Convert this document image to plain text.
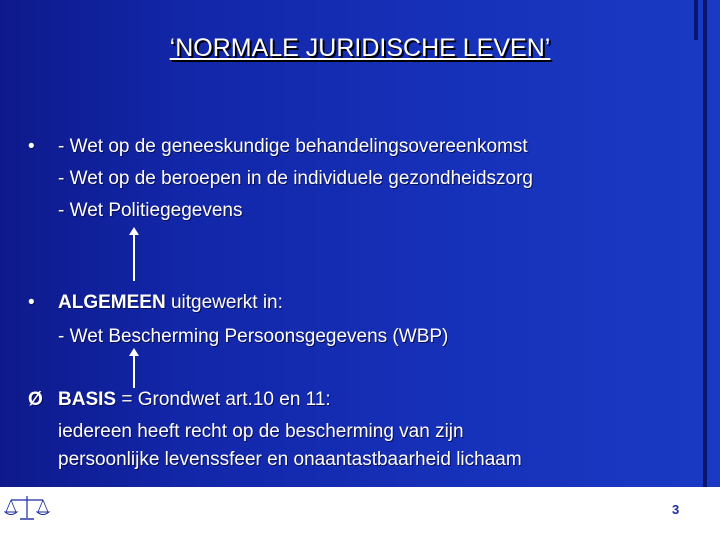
‘NORMALE JURIDISCHE LEVEN’
•	- Wet op de geneeskundige behandelingsovereenkomst
- Wet op de beroepen in de individuele gezondheidszorg
- Wet Politiegegevens
•	ALGEMEEN uitgewerkt in:
- Wet Bescherming Persoonsgegevens (WBP)
Ø BASIS = Grondwet art.10 en 11:
iedereen heeft recht op de bescherming van zijn
persoonlijke levenssfeer en onaantastbaarheid lichaam
3
